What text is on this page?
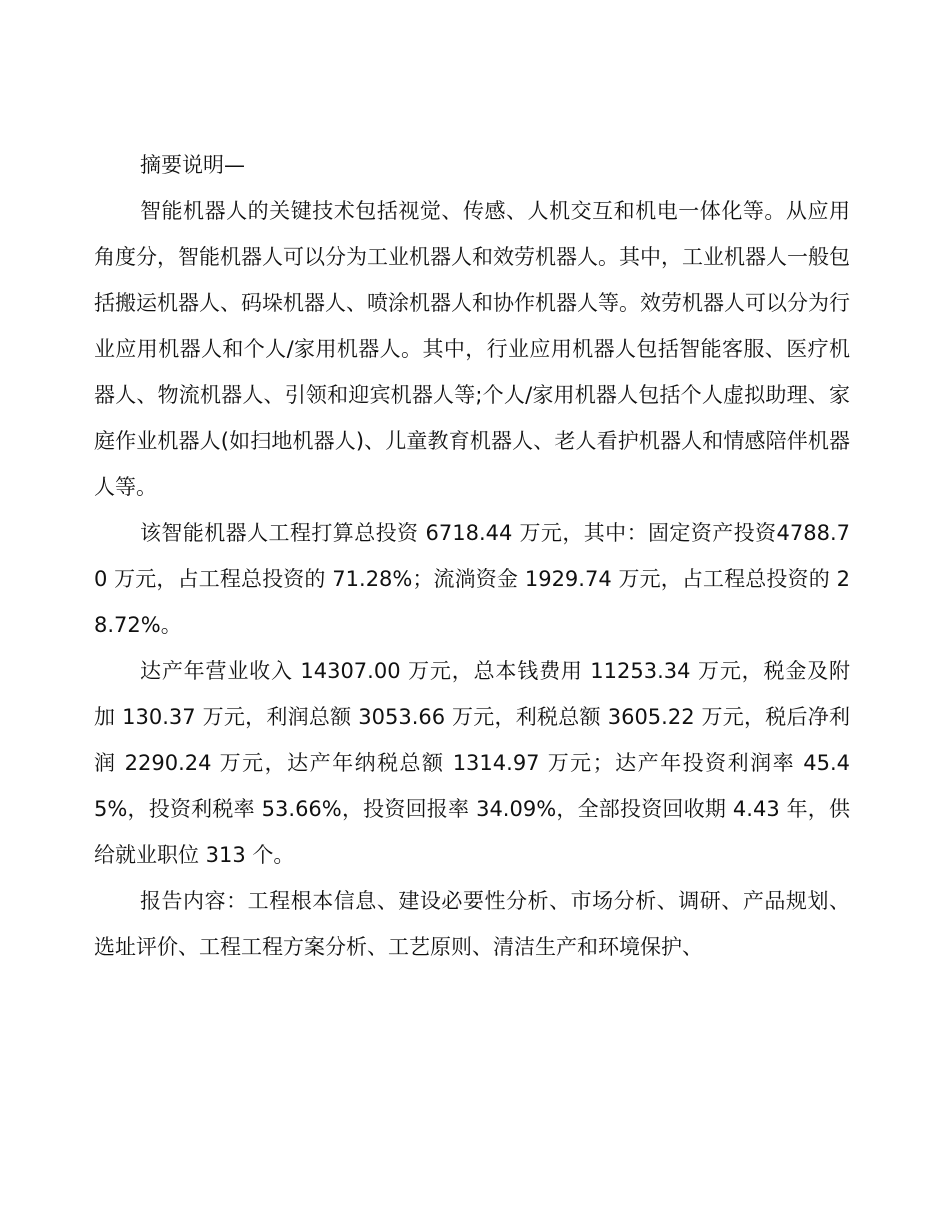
摘要说明—

智能机器人的关键技术包括视觉、传感、人机交互和机电一体化等。从应用角度分，智能机器人可以分为工业机器人和效劳机器人。其中，工业机器人一般包括搬运机器人、码垛机器人、喷涂机器人和协作机器人等。效劳机器人可以分为行业应用机器人和个人/家用机器人。其中，行业应用机器人包括智能客服、医疗机器人、物流机器人、引领和迎宾机器人等;个人/家用机器人包括个人虚拟助理、家庭作业机器人(如扫地机器人)、儿童教育机器人、老人看护机器人和情感陪伴机器人等。

该智能机器人工程打算总投资 6718.44 万元，其中：固定资产投资4788.70 万元，占工程总投资的 71.28%；流淌资金 1929.74 万元，占工程总投资的 28.72%。

达产年营业收入 14307.00 万元，总本钱费用 11253.34 万元，税金及附加 130.37 万元，利润总额 3053.66 万元，利税总额 3605.22 万元，税后净利润 2290.24 万元，达产年纳税总额 1314.97 万元；达产年投资利润率 45.45%，投资利税率 53.66%，投资回报率 34.09%，全部投资回收期 4.43 年，供给就业职位 313 个。

报告内容：工程根本信息、建设必要性分析、市场分析、调研、产品规划、选址评价、工程工程方案分析、工艺原则、清洁生产和环境保护、
